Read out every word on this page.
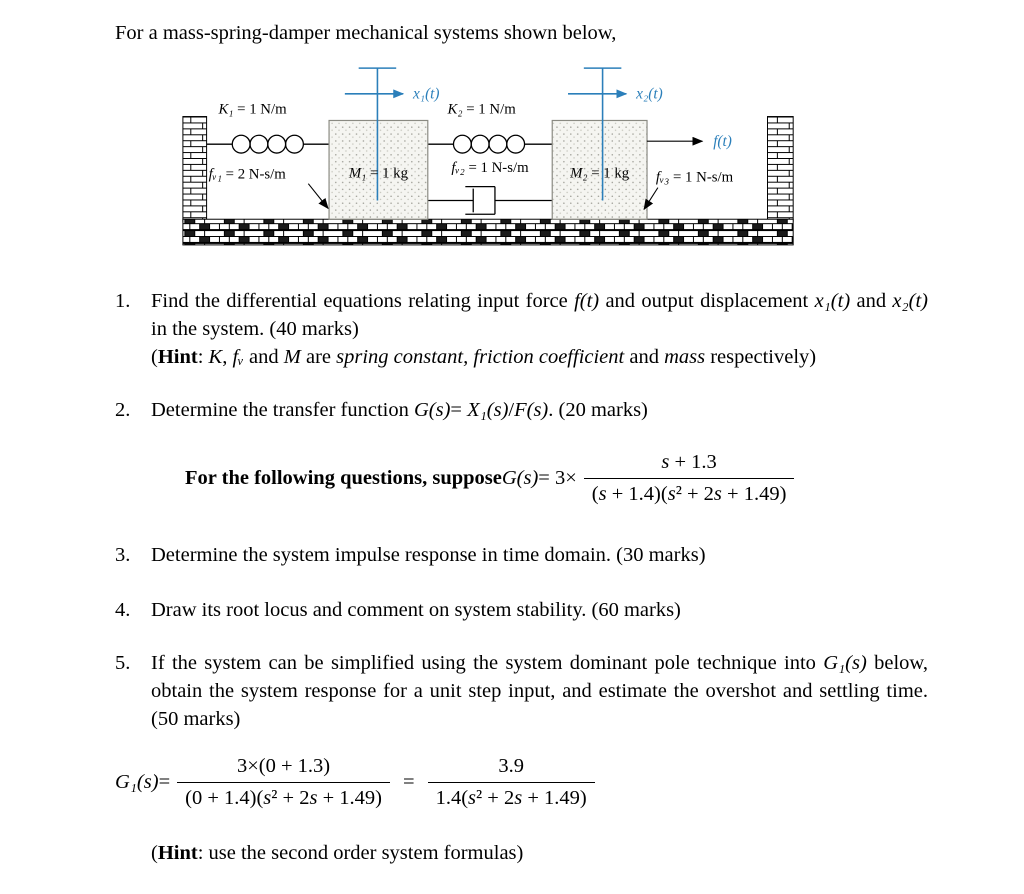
For a mass-spring-damper mechanical systems shown below,

K₁ = 1 N/m	K₂ = 1 N/m
fᵥ₁ = 2 N-s/m	M₁ = 1 kg	fᵥ₂ = 1 N-s/m	M₂ = 1 kg fᵥ₃ = 1 N-s/m
x₁(t)	x₂(t)
f(t)
1.	Find the differential equations relating input force f(t) and output displacement x₁(t) and x₂(t) in the system. (40 marks)
(Hint: K, fᵥ and M are spring constant, friction coefficient and mass respectively)
2.	Determine the transfer function G(s)= X₁(s)/F(s). (20 marks)
For the following questions, suppose $G(s) = 3\times \frac{s + 1.3}{\text{(s + 1.4)(s² + 2s + 1.49)}}$
3.	Determine the system impulse response in time domain. (30 marks)
4.	Draw its root locus and comment on system stability. (60 marks)
5.	If the system can be simplified using the system dominant pole technique into G₁(s) below, obtain the system response for a unit step input, and estimate the overshot and settling time. (50 marks)
$G_1(s) = \frac{3\times(0 + 1.3)}{\text{(0 + 1.4)(s² + 2s + 1.49)}} = \frac{3.9}{\text{1.4(s² + 2s + 1.49)}}$

(Hint: use the second order system formulas)
